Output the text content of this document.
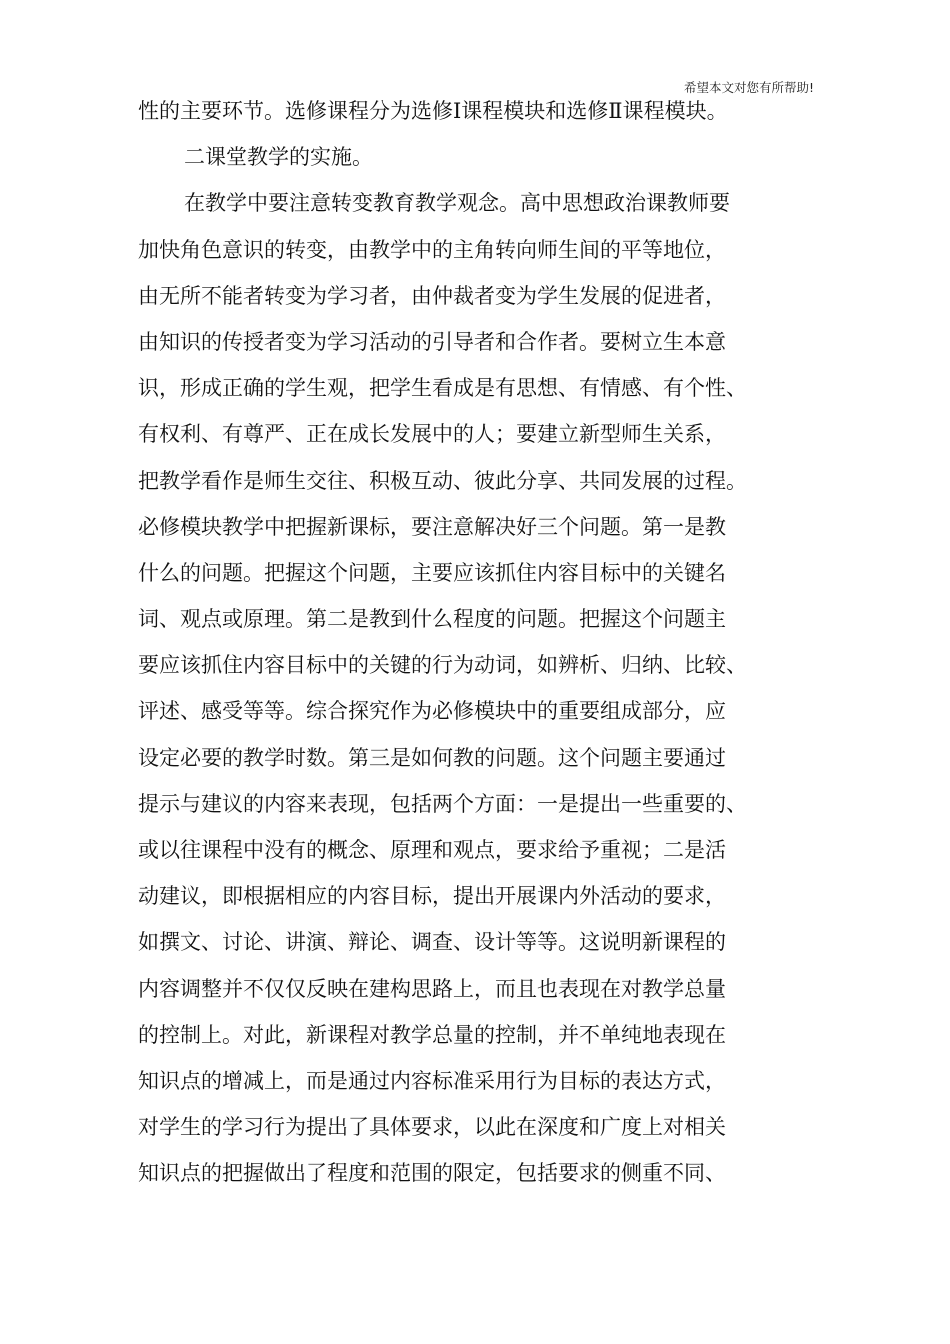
希望本文对您有所帮助!
性的主要环节。选修课程分为选修Ⅰ课程模块和选修Ⅱ课程模块。
二课堂教学的实施。
在教学中要注意转变教育教学观念。高中思想政治课教师要
加快角色意识的转变，由教学中的主角转向师生间的平等地位，
由无所不能者转变为学习者，由仲裁者变为学生发展的促进者，
由知识的传授者变为学习活动的引导者和合作者。要树立生本意
识，形成正确的学生观，把学生看成是有思想、有情感、有个性、
有权利、有尊严、正在成长发展中的人；要建立新型师生关系，
把教学看作是师生交往、积极互动、彼此分享、共同发展的过程。
必修模块教学中把握新课标，要注意解决好三个问题。第一是教
什么的问题。把握这个问题，主要应该抓住内容目标中的关键名
词、观点或原理。第二是教到什么程度的问题。把握这个问题主
要应该抓住内容目标中的关键的行为动词，如辨析、归纳、比较、
评述、感受等等。综合探究作为必修模块中的重要组成部分，应
设定必要的教学时数。第三是如何教的问题。这个问题主要通过
提示与建议的内容来表现，包括两个方面：一是提出一些重要的、
或以往课程中没有的概念、原理和观点，要求给予重视；二是活
动建议，即根据相应的内容目标，提出开展课内外活动的要求，
如撰文、讨论、讲演、辩论、调查、设计等等。这说明新课程的
内容调整并不仅仅反映在建构思路上，而且也表现在对教学总量
的控制上。对此，新课程对教学总量的控制，并不单纯地表现在
知识点的增减上，而是通过内容标准采用行为目标的表达方式，
对学生的学习行为提出了具体要求，以此在深度和广度上对相关
知识点的把握做出了程度和范围的限定，包括要求的侧重不同、
